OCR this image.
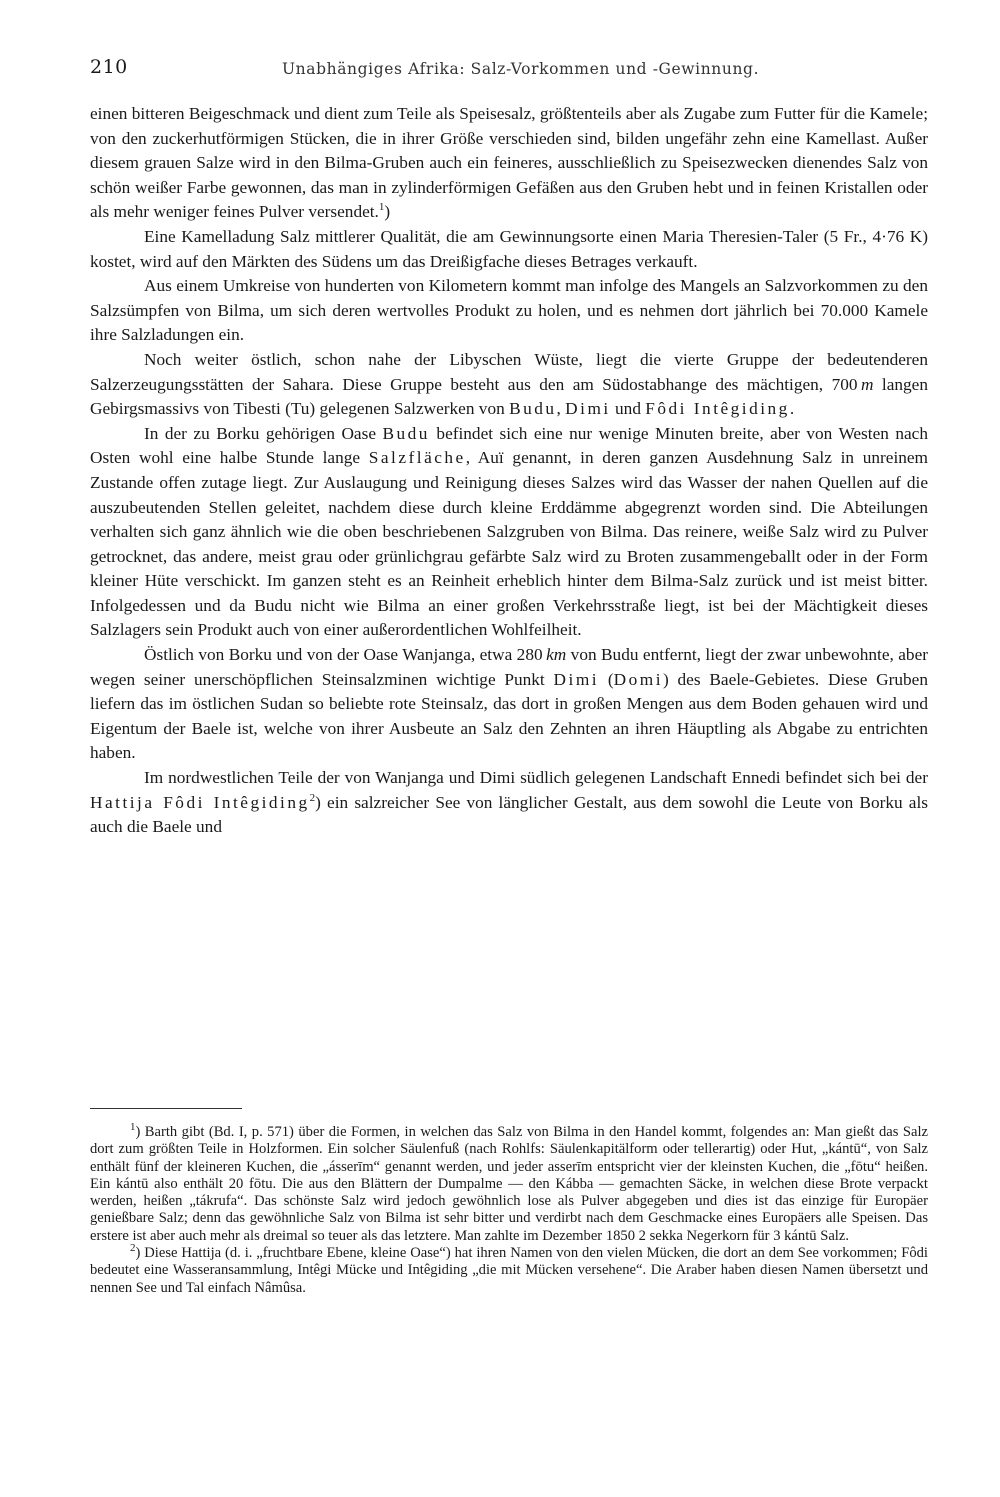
210	Unabhängiges Afrika: Salz-Vorkommen und -Gewinnung.

einen bitteren Beigeschmack und dient zum Teile als Speisesalz, größtenteils aber als Zugabe zum Futter für die Kamele; von den zuckerhutförmigen Stücken, die in ihrer Größe verschieden sind, bilden ungefähr zehn eine Kamellast. Außer diesem grauen Salze wird in den Bilma-Gruben auch ein feineres, ausschließlich zu Speisezwecken dienendes Salz von schön weißer Farbe gewonnen, das man in zylinderförmigen Gefäßen aus den Gruben hebt und in feinen Kristallen oder als mehr weniger feines Pulver versendet.$^1$)

Eine Kamelladung Salz mittlerer Qualität, die am Gewinnungsorte einen Maria Theresien-Taler (5 Fr., 4·76 K) kostet, wird auf den Märkten des Südens um das Dreißigfache dieses Betrages verkauft.

Aus einem Umkreise von hunderten von Kilometern kommt man infolge des Mangels an Salzvorkommen zu den Salzsümpfen von Bilma, um sich deren wertvolles Produkt zu holen, und es nehmen dort jährlich bei 70.000 Kamele ihre Salzladungen ein.

Noch weiter östlich, schon nahe der Libyschen Wüste, liegt die vierte Gruppe der bedeutenderen Salzerzeugungsstätten der Sahara. Diese Gruppe besteht aus den am Südostabhange des mächtigen, 700  m langen Gebirgsmassivs von Tibesti (Tu) gelegenen Salzwerken von Budu, Dimi und Fôdi Intêgiding.

In der zu Borku gehörigen Oase Budu befindet sich eine nur wenige Minuten breite, aber von Westen nach Osten wohl eine halbe Stunde lange Salzfläche, Auï genannt, in deren ganzen Ausdehnung Salz in unreinem Zustande offen zutage liegt. Zur Auslaugung und Reinigung dieses Salzes wird das Wasser der nahen Quellen auf die auszubeutenden Stellen geleitet, nachdem diese durch kleine Erddämme abgegrenzt worden sind. Die Abteilungen verhalten sich ganz ähnlich wie die oben beschriebenen Salzgruben von Bilma. Das reinere, weiße Salz wird zu Pulver getrocknet, das andere, meist grau oder grünlichgrau gefärbte Salz wird zu Broten zusammengeballt oder in der Form kleiner Hüte verschickt. Im ganzen steht es an Reinheit erheblich hinter dem Bilma-Salz zurück und ist meist bitter. Infolgedessen und da Budu nicht wie Bilma an einer großen Verkehrsstraße liegt, ist bei der Mächtigkeit dieses Salzlagers sein Produkt auch von einer außerordentlichen Wohlfeilheit.

Östlich von Borku und von der Oase Wanjanga, etwa 280  km von Budu entfernt, liegt der zwar unbewohnte, aber wegen seiner unerschöpflichen Steinsalzminen wichtige Punkt Dimi (Domi) des Baele-Gebietes. Diese Gruben liefern das im östlichen Sudan so beliebte rote Steinsalz, das dort in großen Mengen aus dem Boden gehauen wird und Eigentum der Baele ist, welche von ihrer Ausbeute an Salz den Zehnten an ihren Häuptling als Abgabe zu entrichten haben.

Im nordwestlichen Teile der von Wanjanga und Dimi südlich gelegenen Landschaft Ennedi befindet sich bei der Hattija Fôdi Intêgiding$^2$) ein salzreicher See von länglicher Gestalt, aus dem sowohl die Leute von Borku als auch die Baele und

$^1$) Barth gibt (Bd. I, p. 571) über die Formen, in welchen das Salz von Bilma in den Handel kommt, folgendes an: Man gießt das Salz dort zum größten Teile in Holzformen. Ein solcher Säulenfuß (nach Rohlfs: Säulenkapitälform oder tellerartig) oder Hut, „kántū“, von Salz enthält fünf der kleineren Kuchen, die „ásserīm“ genannt werden, und jeder asserīm entspricht vier der kleinsten Kuchen, die „fōtu“ heißen. Ein kántū also enthält 20 fōtu. Die aus den Blättern der Dumpalme — den Kábba — gemachten Säcke, in welchen diese Brote verpackt werden, heißen „tákrufa“. Das schönste Salz wird jedoch gewöhnlich lose als Pulver abgegeben und dies ist das einzige für Europäer genießbare Salz; denn das gewöhnliche Salz von Bilma ist sehr bitter und verdirbt nach dem Geschmacke eines Europäers alle Speisen. Das erstere ist aber auch mehr als dreimal so teuer als das letztere. Man zahlte im Dezember 1850 2 sekka Negerkorn für 3 kántū Salz.

$^2$) Diese Hattija (d. i. „fruchtbare Ebene, kleine Oase“) hat ihren Namen von den vielen Mücken, die dort an dem See vorkommen; Fôdi bedeutet eine Wasseransammlung, Intêgi Mücke und Intêgiding „die mit Mücken versehene“. Die Araber haben diesen Namen übersetzt und nennen See und Tal einfach Nâmûsa.
